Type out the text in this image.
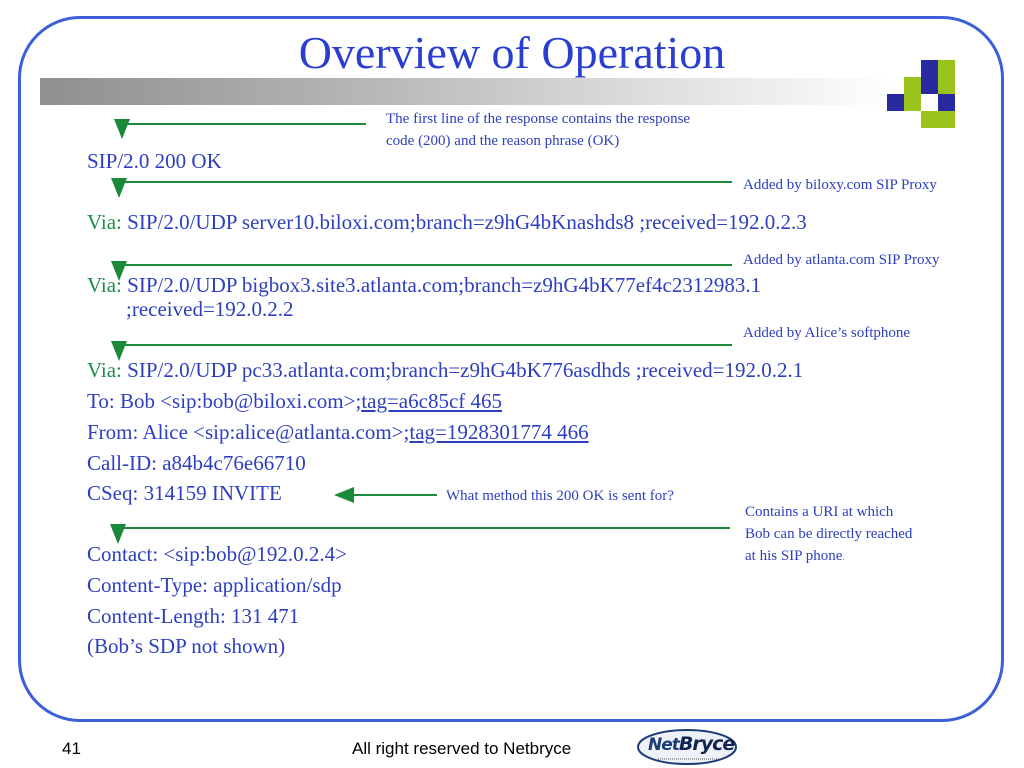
Overview of Operation
The first line of the response contains the response
code (200) and the reason phrase (OK)
SIP/2.0 200 OK
Added by biloxy.com SIP Proxy
Via: SIP/2.0/UDP server10.biloxi.com;branch=z9hG4bKnashds8 ;received=192.0.2.3
Added by atlanta.com SIP Proxy
Via: SIP/2.0/UDP bigbox3.site3.atlanta.com;branch=z9hG4bK77ef4c2312983.1
;received=192.0.2.2
Added by Alice’s softphone
Via: SIP/2.0/UDP pc33.atlanta.com;branch=z9hG4bK776asdhds ;received=192.0.2.1
To: Bob <sip:bob@biloxi.com>;tag=a6c85cf 465
From: Alice <sip:alice@atlanta.com>;tag=1928301774 466
Call-ID: a84b4c76e66710
CSeq: 314159 INVITE	What method this 200 OK is sent for?
Contains a URI at which
Bob can be directly reached
at his SIP phone.
Contact: <sip:bob@192.0.2.4>
Content-Type: application/sdp
Content-Length: 131 471
(Bob’s SDP not shown)
41	All right reserved to Netbryce	NetBryce
